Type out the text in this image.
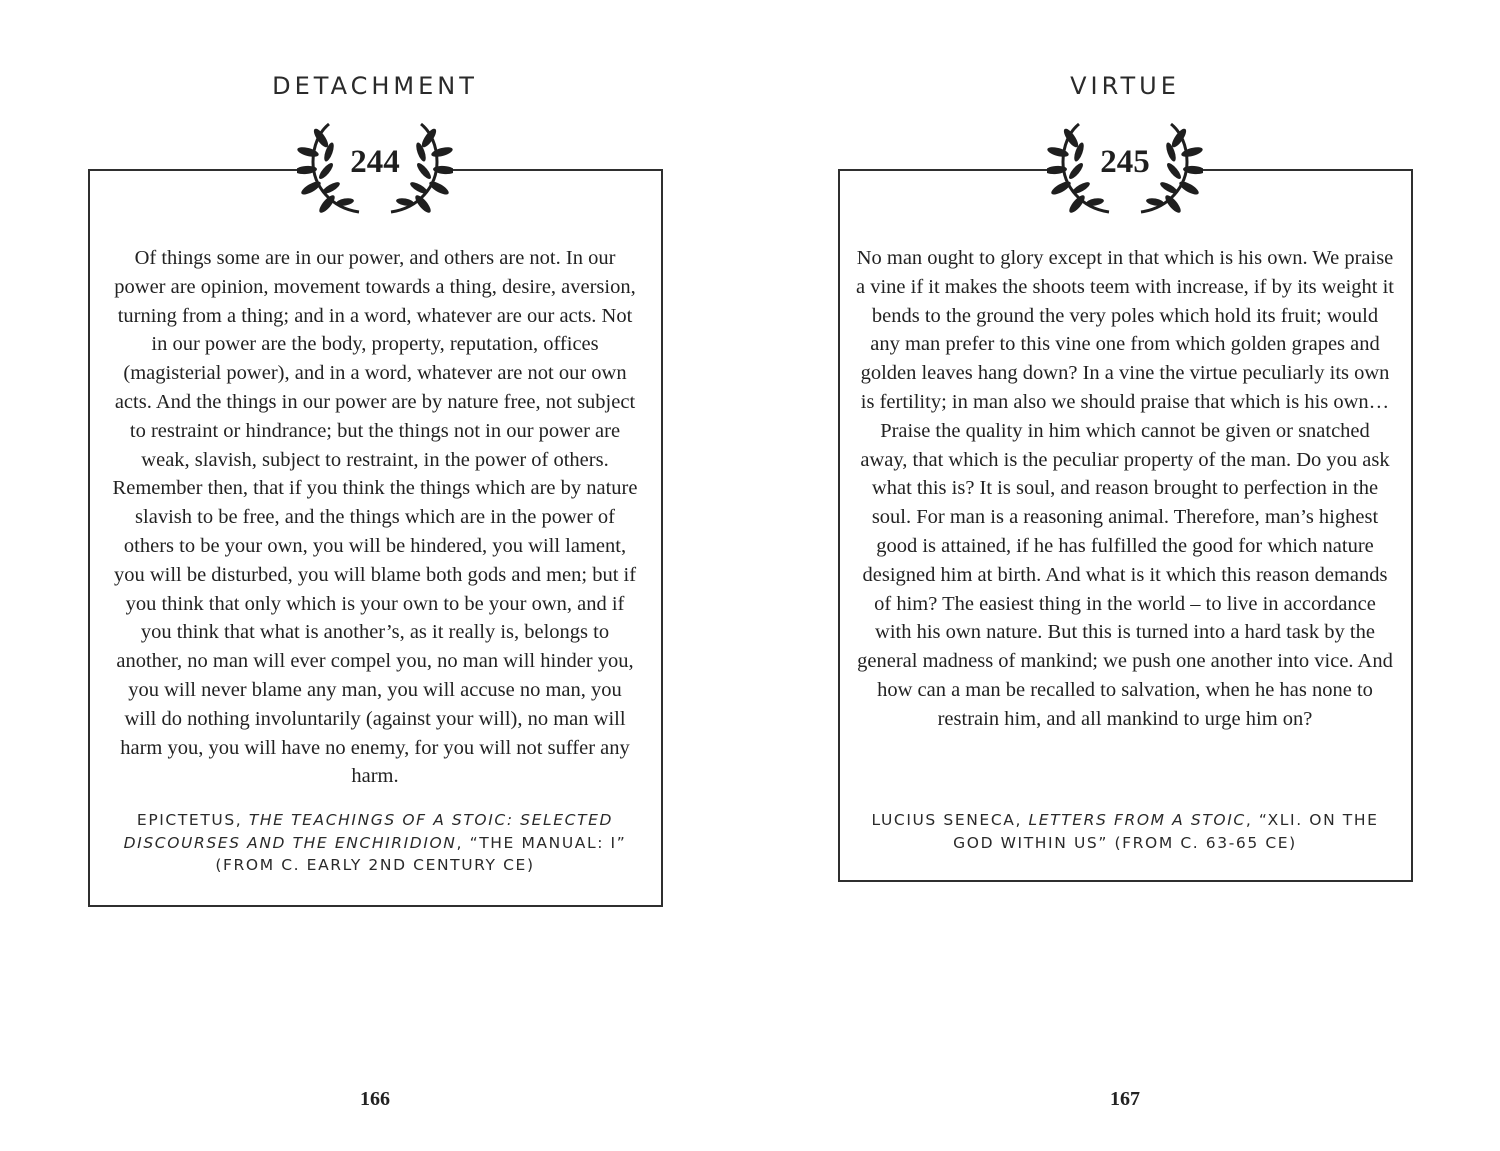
DETACHMENT
244
Of things some are in our power, and others are not. In our power are opinion, movement towards a thing, desire, aversion, turning from a thing; and in a word, whatever are our acts. Not in our power are the body, property, reputation, offices (magisterial power), and in a word, whatever are not our own acts. And the things in our power are by nature free, not subject to restraint or hindrance; but the things not in our power are weak, slavish, subject to restraint, in the power of others. Remember then, that if you think the things which are by nature slavish to be free, and the things which are in the power of others to be your own, you will be hindered, you will lament, you will be disturbed, you will blame both gods and men; but if you think that only which is your own to be your own, and if you think that what is another’s, as it really is, belongs to another, no man will ever compel you, no man will hinder you, you will never blame any man, you will accuse no man, you will do nothing involuntarily (against your will), no man will harm you, you will have no enemy, for you will not suffer any harm.
EPICTETUS, THE TEACHINGS OF A STOIC: SELECTED DISCOURSES AND THE ENCHIRIDION, “THE MANUAL: I” (FROM C. EARLY 2ND CENTURY CE)
166
VIRTUE
245
No man ought to glory except in that which is his own. We praise a vine if it makes the shoots teem with increase, if by its weight it bends to the ground the very poles which hold its fruit; would any man prefer to this vine one from which golden grapes and golden leaves hang down? In a vine the virtue peculiarly its own is fertility; in man also we should praise that which is his own… Praise the quality in him which cannot be given or snatched away, that which is the peculiar property of the man. Do you ask what this is? It is soul, and reason brought to perfection in the soul. For man is a reasoning animal. Therefore, man’s highest good is attained, if he has fulfilled the good for which nature designed him at birth. And what is it which this reason demands of him? The easiest thing in the world – to live in accordance with his own nature. But this is turned into a hard task by the general madness of mankind; we push one another into vice. And how can a man be recalled to salvation, when he has none to restrain him, and all mankind to urge him on?
LUCIUS SENECA, LETTERS FROM A STOIC, “XLI. ON THE GOD WITHIN US” (FROM C. 63-65 CE)
167
